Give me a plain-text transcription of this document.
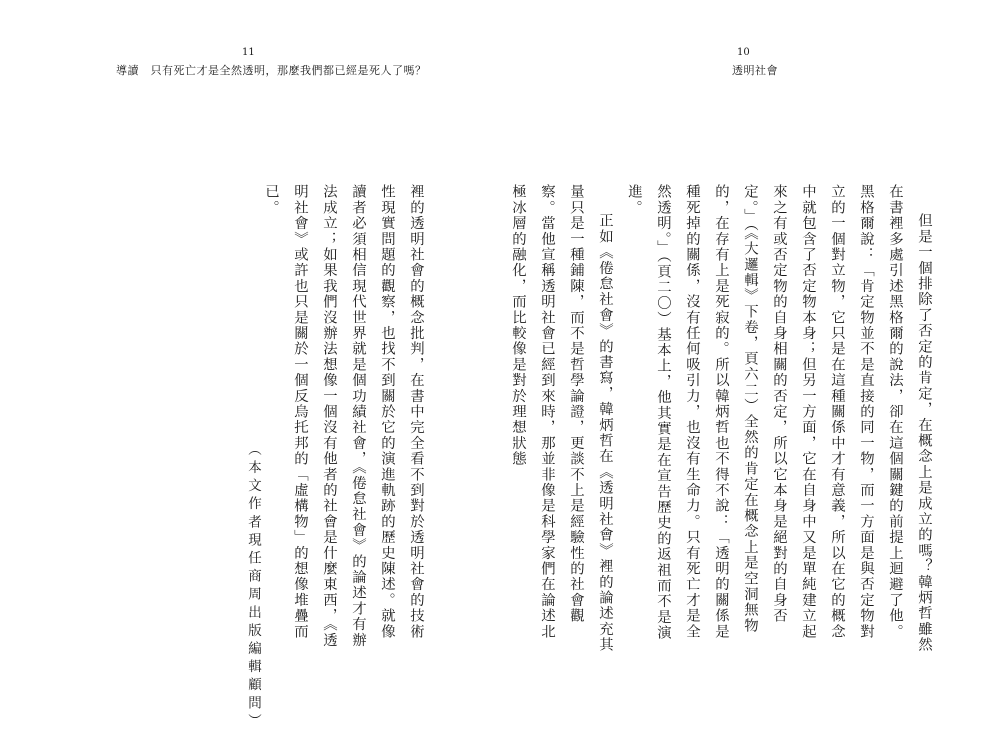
11
導讀　只有死亡才是全然透明，那麼我們都已經是死人了嗎？

裡的透明社會的概念批判，在書中完全看不到對於透明社會的技術性現實問題的觀察，也找不到關於它的演進軌跡的歷史陳述。就像讀者必須相信現代世界就是個功績社會，《倦怠社會》的論述才有辦法成立；如果我們沒辦法想像一個沒有他者的社會是什麼東西，《透明社會》或許也只是關於一個反烏托邦的「虛構物」的想像堆疊而已。

（本文作者現任商周出版編輯顧問）
10
透明社會

但是一個排除了否定的肯定，在概念上是成立的嗎？韓炳哲雖然在書裡多處引述黑格爾的說法，卻在這個關鍵的前提上迴避了他。黑格爾說：「肯定物並不是直接的同一物，而一方面是與否定物對立的一個對立物，它只是在這種關係中才有意義，所以在它的概念中就包含了否定物本身；但另一方面，它在自身中又是單純建立起來之有或否定物的自身相關的否定，所以它本身是絕對的自身否定。」（《大邏輯》下卷，頁六二）全然的肯定在概念上是空洞無物的，在存有上是死寂的。所以韓炳哲也不得不說：「透明的關係是種死掉的關係，沒有任何吸引力，也沒有生命力。只有死亡才是全然透明。」（頁二〇）基本上，他其實是在宣告歷史的返祖而不是演進。

正如《倦怠社會》的書寫，韓炳哲在《透明社會》裡的論述充其量只是一種鋪陳，而不是哲學論證，更談不上是經驗性的社會觀察。當他宣稱透明社會已經到來時，那並非像是科學家們在論述北極冰層的融化，而比較像是對於理想狀態
